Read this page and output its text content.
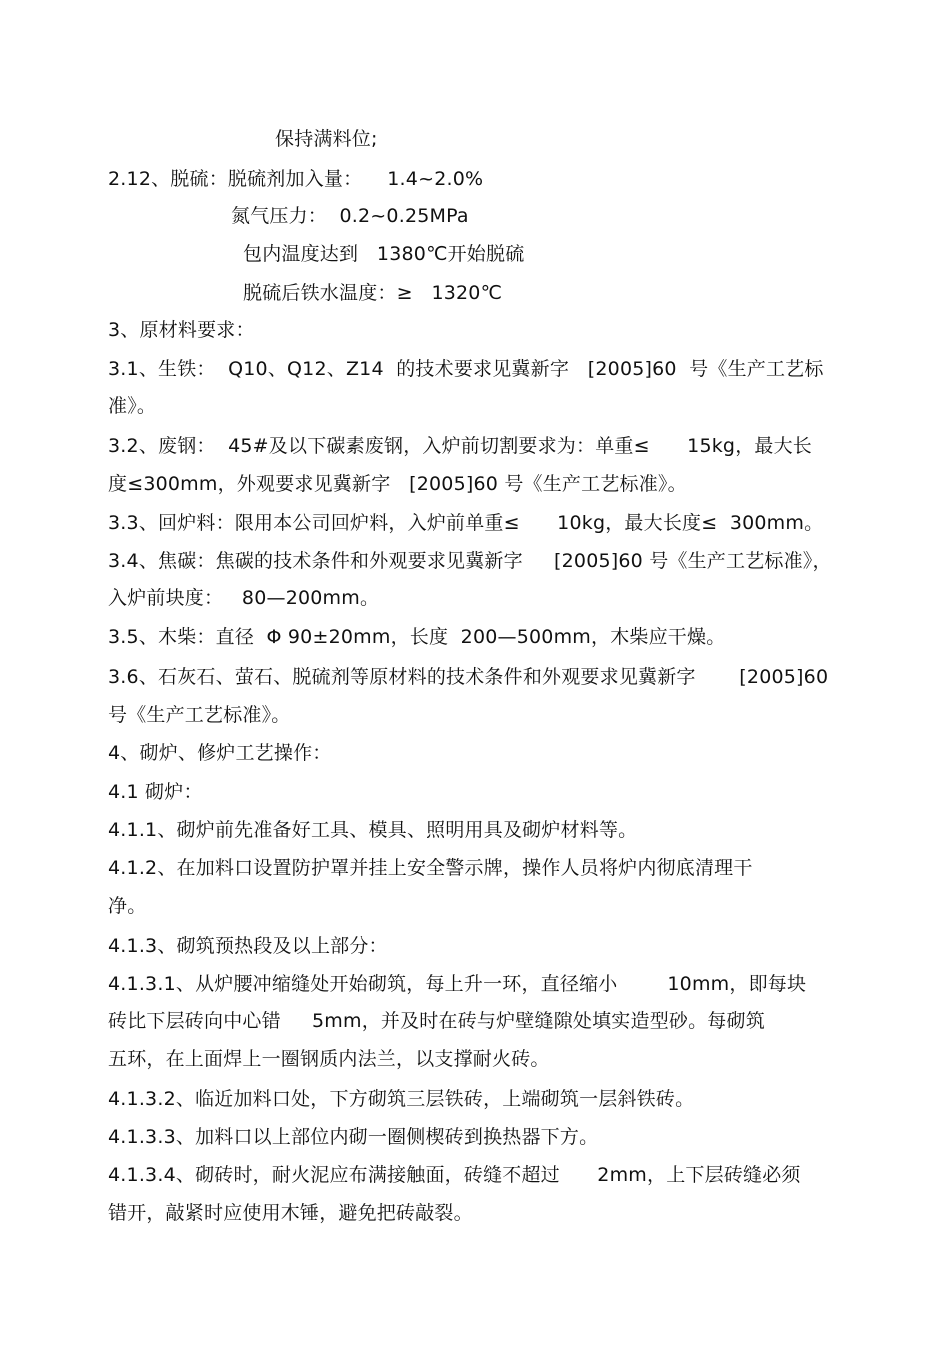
保持满料位;
2.12、脱硫：脱硫剂加入量：    1.4~2.0%
氮气压力：  0.2~0.25MPa
包内温度达到   1380℃开始脱硫
脱硫后铁水温度：≥   1320℃
3、原材料要求：
3.1、生铁：  Q10、Q12、Z14  的技术要求见冀新字   [2005]60  号《生产工艺标
准》。
3.2、废钢：  45#及以下碳素废钢，入炉前切割要求为：单重≤      15kg，最大长
度≤300mm，外观要求见冀新字   [2005]60 号《生产工艺标准》。
3.3、回炉料：限用本公司回炉料，入炉前单重≤      10kg，最大长度≤  300mm。
3.4、焦碳：焦碳的技术条件和外观要求见冀新字     [2005]60 号《生产工艺标准》，
入炉前块度：   80—200mm。
3.5、木柴：直径  Φ 90±20mm，长度  200—500mm，木柴应干燥。
3.6、石灰石、萤石、脱硫剂等原材料的技术条件和外观要求见冀新字       [2005]60
号《生产工艺标准》。
4、砌炉、修炉工艺操作：
4.1 砌炉：
4.1.1、砌炉前先准备好工具、模具、照明用具及砌炉材料等。
4.1.2、在加料口设置防护罩并挂上安全警示牌，操作人员将炉内彻底清理干
净。
4.1.3、砌筑预热段及以上部分：
4.1.3.1、从炉腰冲缩缝处开始砌筑，每上升一环，直径缩小        10mm，即每块
砖比下层砖向中心错     5mm，并及时在砖与炉壁缝隙处填实造型砂。每砌筑
五环，在上面焊上一圈钢质内法兰，以支撑耐火砖。
4.1.3.2、临近加料口处，下方砌筑三层铁砖，上端砌筑一层斜铁砖。
4.1.3.3、加料口以上部位内砌一圈侧楔砖到换热器下方。
4.1.3.4、砌砖时，耐火泥应布满接触面，砖缝不超过      2mm，上下层砖缝必须
错开，敲紧时应使用木锤，避免把砖敲裂。
